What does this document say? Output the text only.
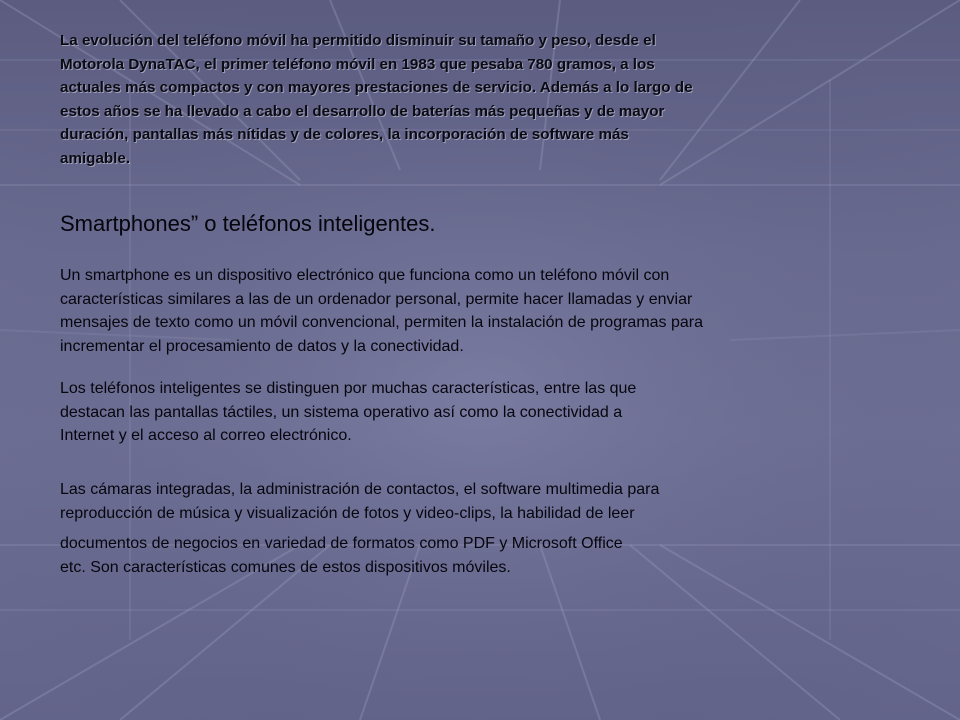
La evolución del teléfono móvil ha permitido disminuir su tamaño y peso, desde el
Motorola DynaTAC, el primer teléfono móvil en 1983 que pesaba 780 gramos, a los
actuales más compactos y con mayores prestaciones de servicio. Además a lo largo de
estos años se ha llevado a cabo el desarrollo de baterías más pequeñas y de mayor
duración, pantallas más nítidas y de colores, la incorporación de software más
amigable.
Smartphones” o teléfonos inteligentes.
Un smartphone es un dispositivo electrónico que funciona como un teléfono móvil con
características similares a las de un ordenador personal, permite hacer llamadas y enviar
mensajes de texto como un móvil convencional, permiten la instalación de programas para
incrementar el procesamiento de datos y la conectividad.
Los teléfonos inteligentes se distinguen por muchas características, entre las que
destacan las pantallas táctiles, un sistema operativo así como la conectividad a
Internet y el acceso al correo electrónico.
Las cámaras integradas, la administración de contactos, el software multimedia para
reproducción de música y visualización de fotos y video-clips, la habilidad de leer
documentos de negocios en variedad de formatos como PDF y Microsoft Office
etc. Son características comunes de estos dispositivos móviles.
